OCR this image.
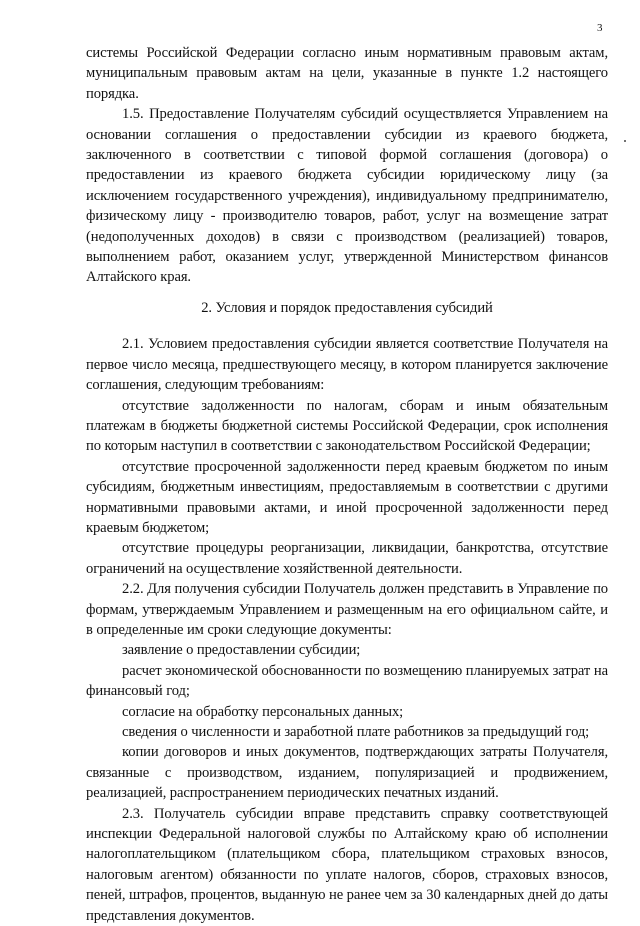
3

системы Российской Федерации согласно иным нормативным правовым актам, муниципальным правовым актам на цели, указанные в пункте 1.2 настоящего порядка.

1.5. Предоставление Получателям субсидий осуществляется Управлением на основании соглашения о предоставлении субсидии из краевого бюджета, заключенного в соответствии с типовой формой соглашения (договора) о предоставлении из краевого бюджета субсидии юридическому лицу (за исключением государственного учреждения), индивидуальному предпринимателю, физическому лицу - производителю товаров, работ, услуг на возмещение затрат (недополученных доходов) в связи с производством (реализацией) товаров, выполнением работ, оказанием услуг, утвержденной Министерством финансов Алтайского края.

2. Условия и порядок предоставления субсидий

2.1. Условием предоставления субсидии является соответствие Получателя на первое число месяца, предшествующего месяцу, в котором планируется заключение соглашения, следующим требованиям:

отсутствие задолженности по налогам, сборам и иным обязательным платежам в бюджеты бюджетной системы Российской Федерации, срок исполнения по которым наступил в соответствии с законодательством Российской Федерации;

отсутствие просроченной задолженности перед краевым бюджетом по иным субсидиям, бюджетным инвестициям, предоставляемым в соответствии с другими нормативными правовыми актами, и иной просроченной задолженности перед краевым бюджетом;

отсутствие процедуры реорганизации, ликвидации, банкротства, отсутствие ограничений на осуществление хозяйственной деятельности.

2.2. Для получения субсидии Получатель должен представить в Управление по формам, утверждаемым Управлением и размещенным на его официальном сайте, и в определенные им сроки следующие документы:

заявление о предоставлении субсидии;

расчет экономической обоснованности по возмещению планируемых затрат на финансовый год;

согласие на обработку персональных данных;

сведения о численности и заработной плате работников за предыдущий год;

копии договоров и иных документов, подтверждающих затраты Получателя, связанные с производством, изданием, популяризацией и продвижением, реализацией, распространением периодических печатных изданий.

2.3. Получатель субсидии вправе представить справку соответствующей инспекции Федеральной налоговой службы по Алтайскому краю об исполнении налогоплательщиком (плательщиком сбора, плательщиком страховых взносов, налоговым агентом) обязанности по уплате налогов, сборов, страховых взносов, пеней, штрафов, процентов, выданную не ранее чем за 30 календарных дней до даты представления документов.
